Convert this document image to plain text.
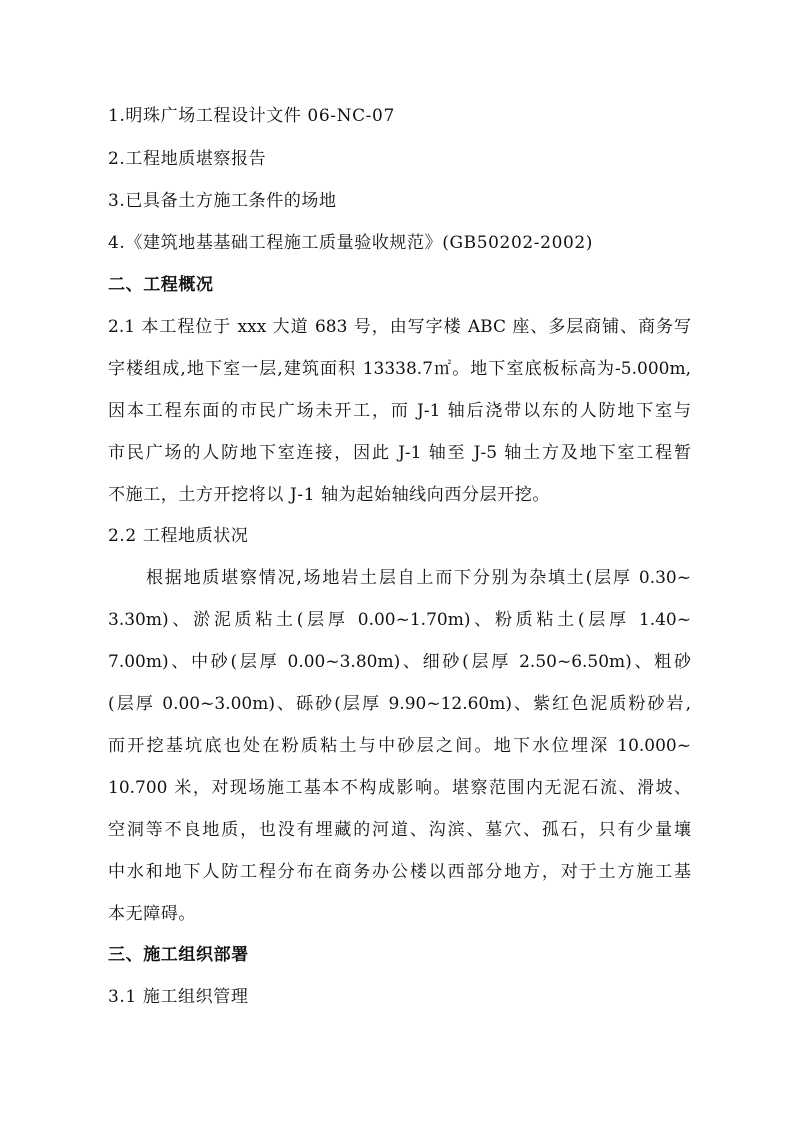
1.明珠广场工程设计文件 06-NC-07
2.工程地质堪察报告
3.已具备土方施工条件的场地
4.《建筑地基基础工程施工质量验收规范》(GB50202-2002)
二、工程概况
2.1 本工程位于 xxx 大道 683 号，由写字楼 ABC 座、多层商铺、商务写
字楼组成,地下室一层,建筑面积 13338.7㎡。地下室底板标高为-5.000m,
因本工程东面的市民广场未开工，而 J-1 轴后浇带以东的人防地下室与
市民广场的人防地下室连接，因此 J-1 轴至 J-5 轴土方及地下室工程暂
不施工，土方开挖将以 J-1 轴为起始轴线向西分层开挖。
2.2 工程地质状况
根据地质堪察情况,场地岩土层自上而下分别为杂填土(层厚 0.30~
3.30m)、淤泥质粘土(层厚 0.00~1.70m)、粉质粘土(层厚 1.40~
7.00m)、中砂(层厚 0.00~3.80m)、细砂(层厚 2.50~6.50m)、粗砂
(层厚 0.00~3.00m)、砾砂(层厚 9.90~12.60m)、紫红色泥质粉砂岩,
而开挖基坑底也处在粉质粘土与中砂层之间。地下水位埋深 10.000~
10.700 米，对现场施工基本不构成影响。堪察范围内无泥石流、滑坡、
空洞等不良地质，也没有埋藏的河道、沟滨、墓穴、孤石，只有少量壤
中水和地下人防工程分布在商务办公楼以西部分地方，对于土方施工基
本无障碍。
三、施工组织部署
3.1 施工组织管理
